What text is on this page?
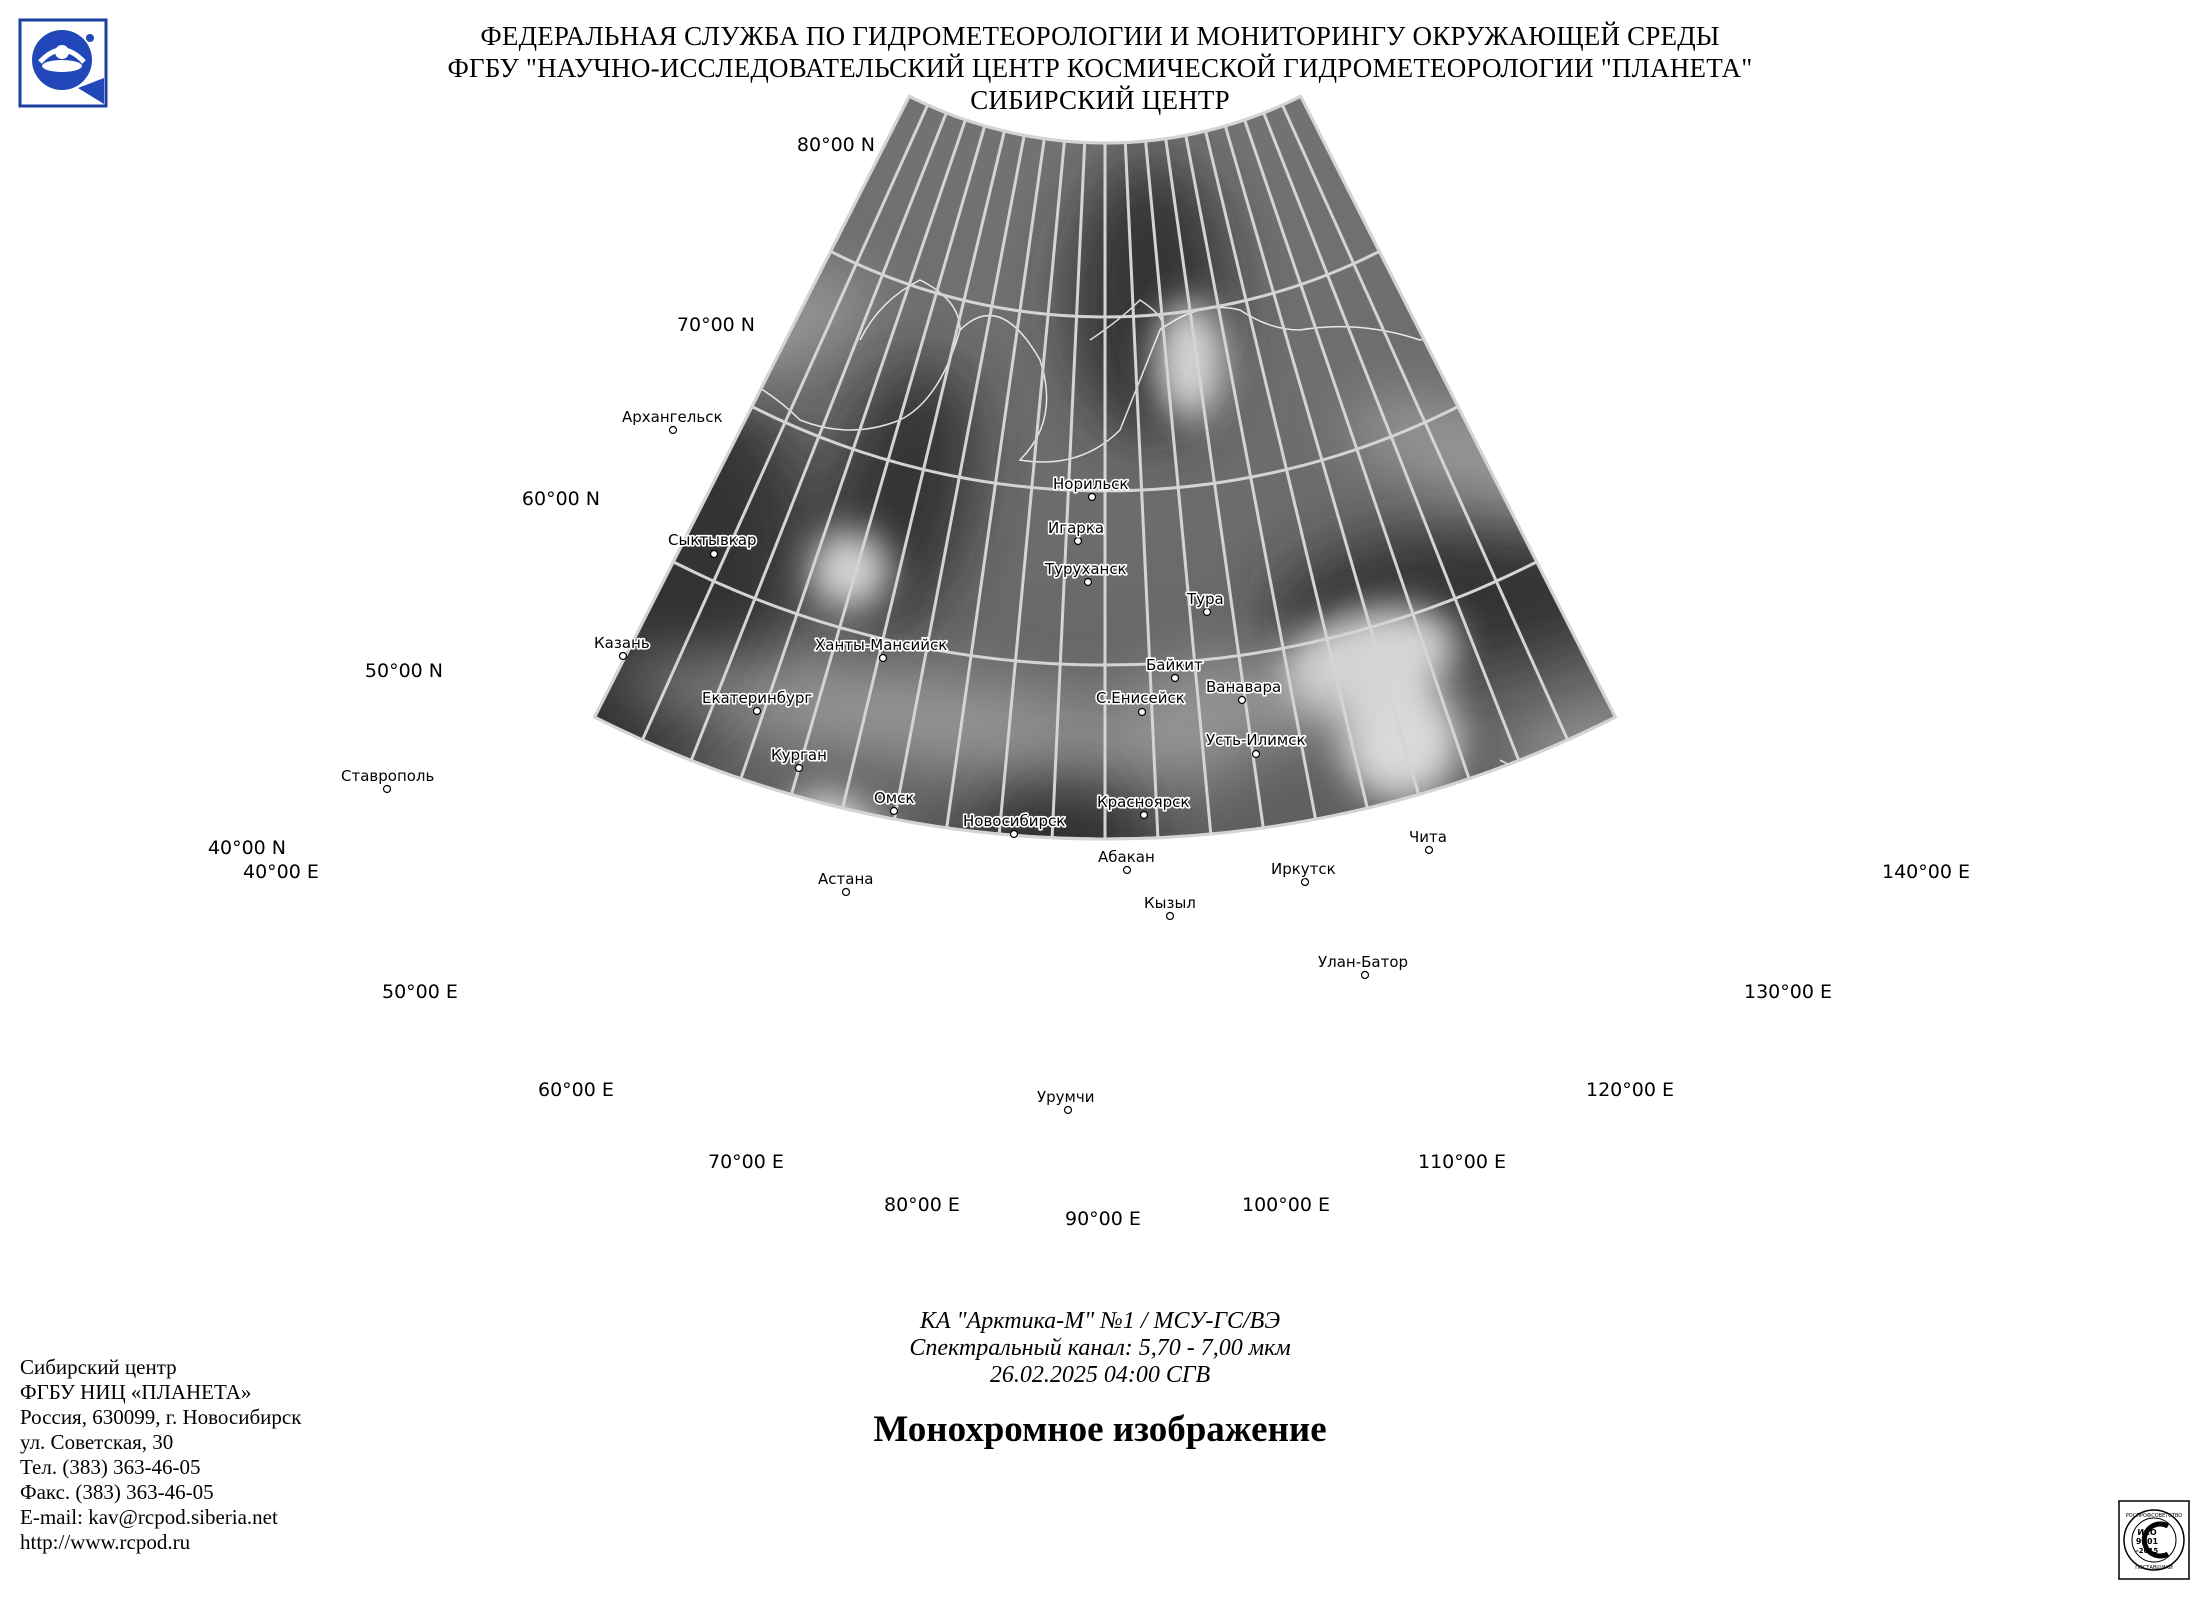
ФЕДЕРАЛЬНАЯ СЛУЖБА ПО ГИДРОМЕТЕОРОЛОГИИ И МОНИТОРИНГУ ОКРУЖАЮЩЕЙ СРЕДЫ
ФГБУ "НАУЧНО-ИССЛЕДОВАТЕЛЬСКИЙ ЦЕНТР КОСМИЧЕСКОЙ ГИДРОМЕТЕОРОЛОГИИ "ПЛАНЕТА"
СИБИРСКИЙ ЦЕНТР
80°00 N
70°00 N
60°00 N
50°00 N
40°00 N
40°00 E
50°00 E
60°00 E
70°00 E
80°00 E
90°00 E
100°00 E
110°00 E
120°00 E
130°00 E
140°00 E
Архангельск
Сыктывкар
Казань
Ставрополь
Екатеринбург
Ханты-Мансийск
Курган
Омск
Астана
Новосибирск
Норильск
Игарка
Туруханск
Тура
Байкит
Ванавара
С.Енисейск
Усть-Илимск
Красноярск
Абакан
Кызыл
Иркутск
Чита
Улан-Батор
Урумчи
КА "Арктика-М" №1 / МСУ-ГС/ВЭ
Спектральный канал: 5,70 - 7,00 мкм
26.02.2025 04:00 СГВ
Монохромное изображение
Сибирский центр
ФГБУ НИЦ «ПЛАНЕТА»
Россия, 630099, г. Новосибирск
ул. Советская, 30
Тел. (383) 363-46-05
Факс. (383) 363-46-05
E-mail: kav@rcpod.siberia.net
http://www.rcpod.ru
РОСПРОФСОВЕТСТВО
ИСО
9001
-2015
ПОСТАВЩИКИ
